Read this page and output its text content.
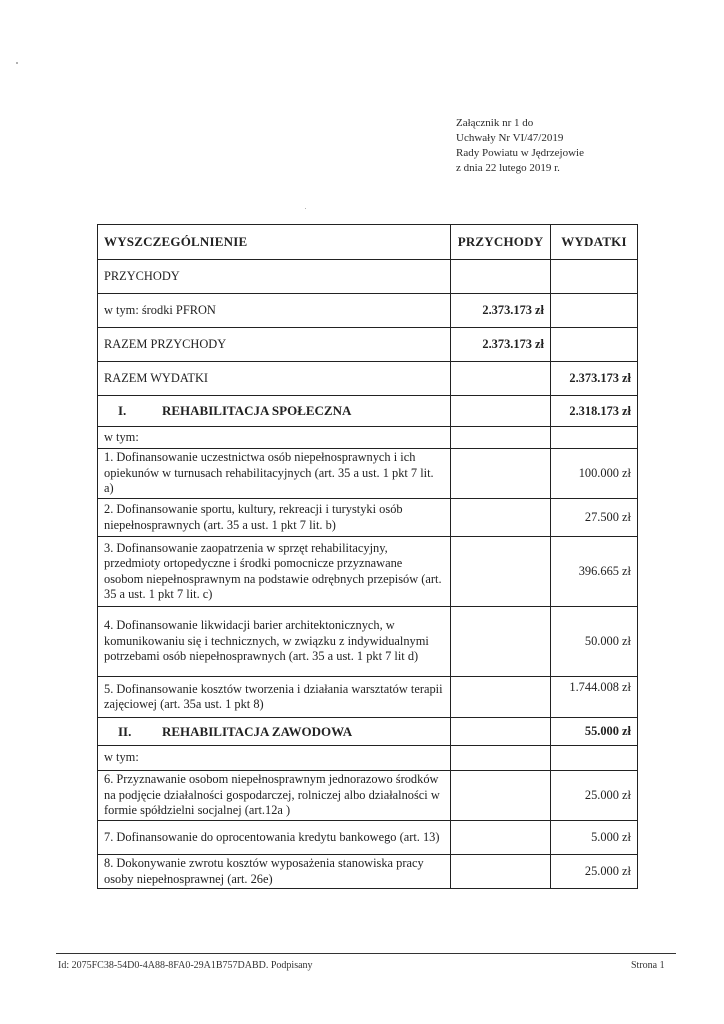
Załącznik nr 1 do
Uchwały Nr VI/47/2019
Rady Powiatu w Jędrzejowie
z dnia 22 lutego 2019 r.
WYSZCZEGÓLNIENIE	PRZYCHODY	WYDATKI
PRZYCHODY		
w tym: środki PFRON	2.373.173 zł	
RAZEM PRZYCHODY	2.373.173 zł	
RAZEM WYDATKI		2.373.173 zł
I. REHABILITACJA SPOŁECZNA		2.318.173 zł
w tym:		
1. Dofinansowanie uczestnictwa osób niepełnosprawnych i ich opiekunów w turnusach rehabilitacyjnych (art. 35 a ust. 1 pkt 7 lit. a)		100.000 zł
2. Dofinansowanie sportu, kultury, rekreacji i turystyki osób niepełnosprawnych (art. 35 a ust. 1 pkt 7 lit. b)		27.500 zł
3. Dofinansowanie zaopatrzenia w sprzęt rehabilitacyjny, przedmioty ortopedyczne i środki pomocnicze przyznawane osobom niepełnosprawnym na podstawie odrębnych przepisów (art. 35 a ust. 1 pkt 7 lit. c)		396.665 zł
4. Dofinansowanie likwidacji barier architektonicznych, w komunikowaniu się i technicznych, w związku z indywidualnymi potrzebami osób niepełnosprawnych (art. 35 a ust. 1 pkt 7 lit d)		50.000 zł
5. Dofinansowanie kosztów tworzenia i działania warsztatów terapii zajęciowej (art. 35a ust. 1 pkt 8)		1.744.008 zł
II. REHABILITACJA ZAWODOWA		55.000 zł
w tym:		
6. Przyznawanie osobom niepełnosprawnym jednorazowo środków na podjęcie działalności gospodarczej, rolniczej albo działalności w formie spółdzielni socjalnej (art.12a )		25.000 zł
7. Dofinansowanie do oprocentowania kredytu bankowego (art. 13)		5.000 zł
8. Dokonywanie zwrotu kosztów wyposażenia stanowiska pracy osoby niepełnosprawnej (art. 26e)		25.000 zł
Id: 2075FC38-54D0-4A88-8FA0-29A1B757DABD. Podpisany	Strona 1
